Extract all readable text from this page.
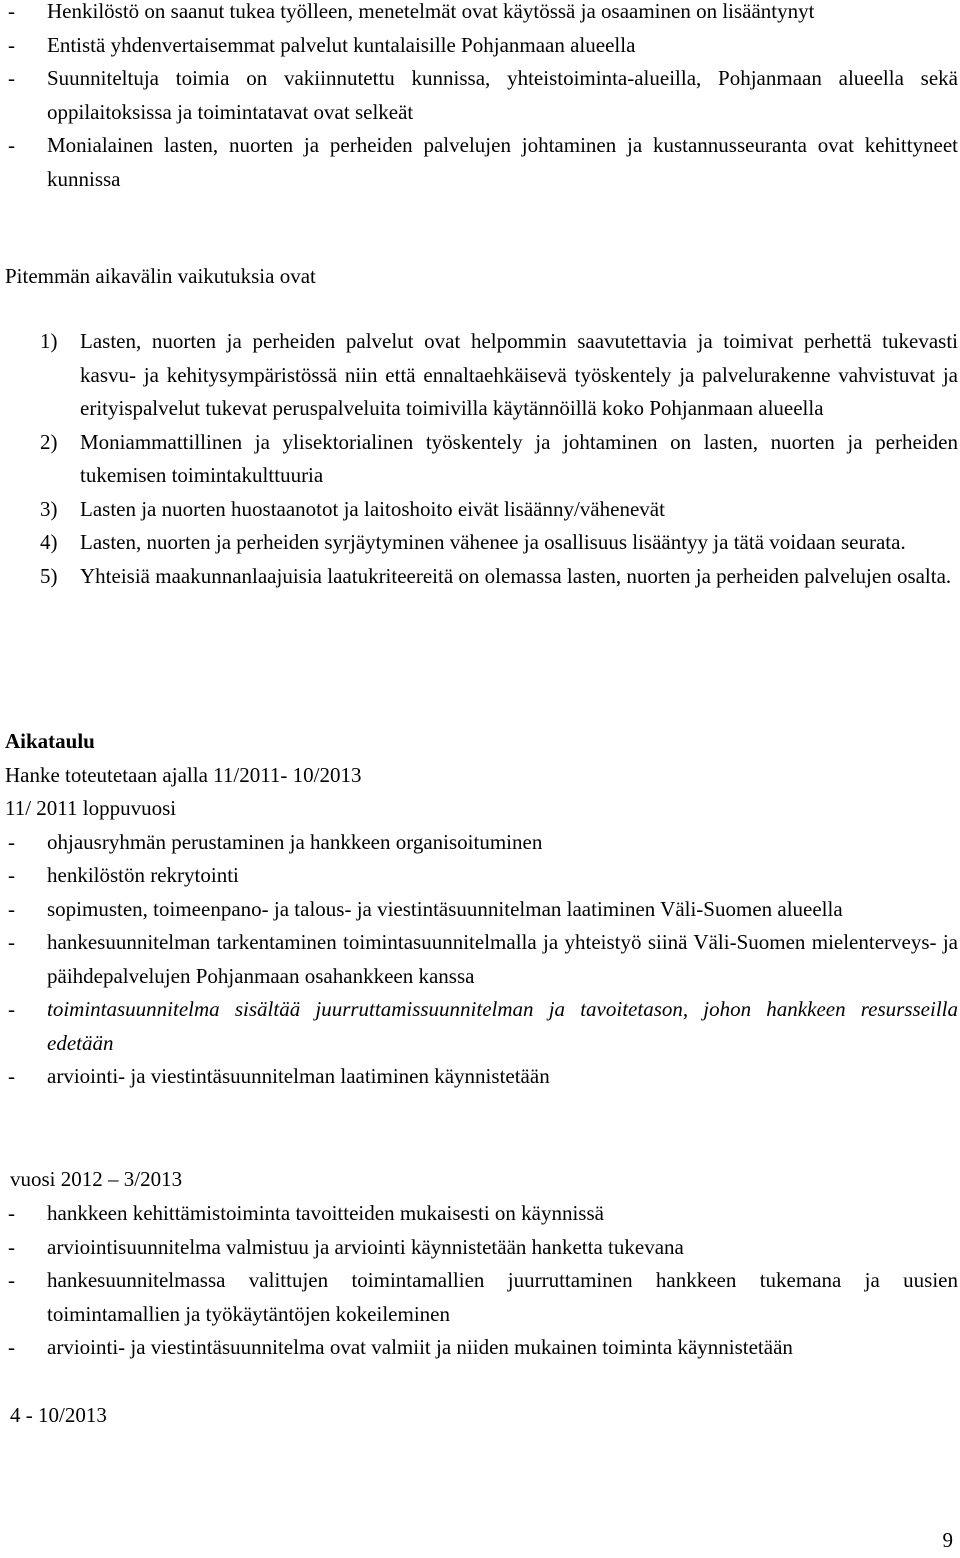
- Henkilöstö on saanut tukea työlleen, menetelmät ovat käytössä ja osaaminen on lisääntynyt
- Entistä yhdenvertaisemmat palvelut kuntalaisille Pohjanmaan alueella
- Suunniteltuja toimia on vakiinnutettu kunnissa, yhteistoiminta-alueilla, Pohjanmaan alueella sekä oppilaitoksissa ja toimintatavat ovat selkeät
- Monialainen lasten, nuorten ja perheiden palvelujen johtaminen ja kustannusseuranta ovat kehittyneet kunnissa
Pitemmän aikavälin vaikutuksia ovat
1) Lasten, nuorten ja perheiden palvelut ovat helpommin saavutettavia ja toimivat perhettä tukevasti kasvu- ja kehitysympäristössä niin että ennaltaehkäisevä työskentely ja palvelurakenne vahvistuvat ja erityispalvelut tukevat peruspalveluita toimivilla käytännöillä koko Pohjanmaan alueella
2) Moniammattillinen ja ylisektorialinen työskentely ja johtaminen on lasten, nuorten ja perheiden tukemisen toimintakulttuuria
3) Lasten ja nuorten huostaanotot ja laitoshoito eivät lisäänny/vähenevät
4) Lasten, nuorten ja perheiden syrjäytyminen vähenee ja osallisuus lisääntyy ja tätä voidaan seurata.
5) Yhteisiä maakunnanlaajuisia laatukriteereitä on olemassa lasten, nuorten ja perheiden palvelujen osalta.
Aikataulu
Hanke toteutetaan ajalla 11/2011- 10/2013
11/ 2011 loppuvuosi
- ohjausryhmän perustaminen ja hankkeen organisoituminen
- henkilöstön rekrytointi
- sopimusten, toimeenpano- ja talous- ja viestintäsuunnitelman laatiminen Väli-Suomen alueella
- hankesuunnitelman tarkentaminen toimintasuunnitelmalla ja yhteistyö siinä Väli-Suomen mielenterveys- ja päihdepalvelujen Pohjanmaan osahankkeen kanssa
- toimintasuunnitelma sisältää juurruttamissuunnitelman ja tavoitetason, johon hankkeen resursseilla edetään
- arviointi- ja viestintäsuunnitelman laatiminen käynnistetään
vuosi 2012 – 3/2013
- hankkeen kehittämistoiminta tavoitteiden mukaisesti on käynnissä
- arviointisuunnitelma valmistuu ja arviointi käynnistetään hanketta tukevana
- hankesuunnitelmassa valittujen toimintamallien juurruttaminen hankkeen tukemana ja uusien toimintamallien ja työkäytäntöjen kokeileminen
- arviointi- ja viestintäsuunnitelma ovat valmiit ja niiden mukainen toiminta käynnistetään
4 - 10/2013
9
